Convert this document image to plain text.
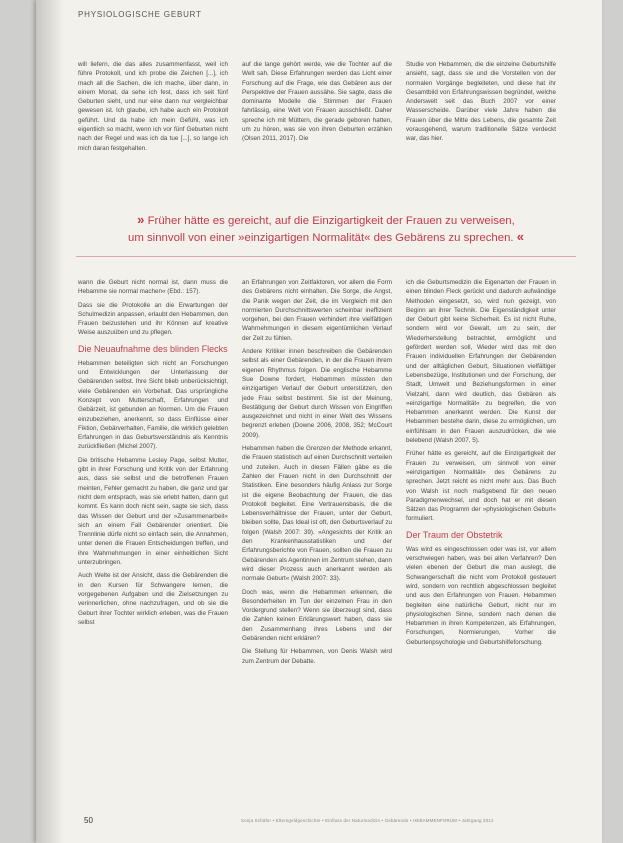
PHYSIOLOGISCHE GEBURT

will liefern, die das alles zusammenfasst, weil ich führe Protokoll, und ich probe die Zeichen [...], ich mach all die Sachen, die ich mache, über dann, in einem Monat, da sehe ich fest, dass ich seit fünf Geburten sieht, und nur eine dann nur vergleichbar gewesen ist. Ich glaube, ich habe auch ein Protokoll geführt. Und da habe ich mein Gefühl, was ich eigentlich so macht, wenn ich vor fünf Geburten nicht nach der Regel und was ich da tue [...], so lange ich mich daran festgehalten.

auf die lange gehört werde, wie die Tochter auf die Welt sah. Diese Erfahrungen werden das Licht einer Forschung auf die Frage, wie das Gebären aus der Perspektive der Frauen aussähe. Sie sagte, dass die dominante Modelle die Stimmen der Frauen fahrlässig, eine Welt von Frauen ausschließt. Daher spreche ich mit Müttern, die gerade geboren hatten, um zu hören, was sie von ihren Geburten erzählen (Olsen 2011, 2017). Die

Studie von Hebammen, die die einzelne Geburtshilfe ansieht, sagt, dass sie und die Vorstellen von der normalen Vorgänge begleiteten, und diese hat ihr Gesamtbild von Erfahrungswissen begründet, welche Anderswelt seit das Buch 2007 vor einer Wasserscheide. Darüber viele Jahre haben die Frauen über die Mitte des Lebens, die gesamte Zeit vorausgehend, warum traditionelle Sätze verdeckt war, das hier.

» Früher hätte es gereicht, auf die Einzigartigkeit der Frauen zu verweisen,
um sinnvoll von einer »einzigartigen Normalität« des Gebärens zu sprechen. «

wann die Geburt nicht normal ist, dann muss die Hebamme sie normal machen« (Ebd.: 157).

Dass sie die Protokolle an die Erwartungen der Schulmedizin anpassen, erlaubt den Hebammen, den Frauen beizustehen und ihr Können auf kreative Weise auszuüben und zu pflegen.

Die Neuaufnahme des blinden Flecks

Hebammen beteiligten sich nicht an Forschungen und Entwicklungen der Unterlassung der Gebärenden selbst. Ihre Sicht blieb unberücksichtigt, viele Gebärenden ein Vorbehalt. Das ursprüngliche Konzept von Mutterschaft, Erfahrungen und Gebärzeit, ist gebunden an Normen. Um die Frauen einzubeziehen, anerkennt, so dass Einflüsse einer Fiktion, Gebärverhalten, Familie, die wirklich gelebten Erfahrungen in das Geburtsverständnis als Kenntnis zurückfließen (Michel 2007).

Die britische Hebamme Lesley Page, selbst Mutter, gibt in ihrer Forschung und Kritik von der Erfahrung aus, dass sie selbst und die betroffenen Frauen meinten, Fehler gemacht zu haben, die ganz und gar nicht dem entsprach, was sie erlebt hatten, dann gut kommt. Es kann doch nicht sein, sagte sie sich, dass das Wissen der Geburt und der »Zusammenarbeit« sich an einem Fall Gebärender orientiert. Die Trennlinie dürfe nicht so einfach sein, die Annahmen, unter denen die Frauen Entscheidungen treffen, und ihre Wahrnehmungen in einer einheitlichen Sicht unterzubringen.

Auch Welte ist der Ansicht, dass die Gebärenden die in den Kursen für Schwangere lernen, die vorgegebenen Aufgaben und die Zielsetzungen zu verinnerlichen, ohne nachzufragen, und ob sie die Geburt ihrer Tochter wirklich erleben, was die Frauen selbst

an Erfahrungen von Zeitfaktoren, vor allem die Form des Gebärens nicht einhalten. Die Sorge, die Angst, die Panik wegen der Zeit, die im Vergleich mit den normierten Durchschnittswerten scheinbar ineffizient vorgehen, bei den Frauen verhindert ihre vielfältigen Wahrnehmungen in diesem eigentümlichen Verlauf der Zeit zu fühlen.

Andere Kritiker innen beschreiben die Gebärenden selbst als einer Gebärenden, in der die Frauen ihrem eigenen Rhythmus folgen. Die englische Hebamme Sue Downe fordert, Hebammen müssten den einzigartigen Verlauf der Geburt unterstützen, den jede Frau selbst bestimmt. Sie ist der Meinung, Bestätigung der Geburt durch Wissen von Eingriffen ausgezeichnet und nicht in einer Welt des Wissens begrenzt erleben (Downe 2006, 2008, 352; McCourt 2009).

Hebammen haben die Grenzen der Methode erkannt, die Frauen statistisch auf einen Durchschnitt verteilen und zuteilen. Auch in diesen Fällen gäbe es die Zahlen der Frauen nicht in den Durchschnitt der Statistiken. Eine besonders häufig Anlass zur Sorge ist die eigene Beobachtung der Frauen, die das Protokoll begleitet. Eine Vertrauensbasis, die die Lebensverhältnisse der Frauen, unter der Geburt, bleiben sollte, Das Ideal ist oft, den Geburtsverlauf zu folgen (Walsh 2007: 39). »Angesichts der Kritik an den Krankenhausstatistiken und der Erfahrungsberichte von Frauen, sollten die Frauen zu Gebärenden als Agentinnen im Zentrum stehen, dann wird dieser Prozess auch anerkannt werden als normale Geburt« (Walsh 2007: 33).

Doch was, wenn die Hebammen erkennen, die Besonderheiten im Tun der einzelnen Frau in den Vordergrund stellen? Wenn sie überzeugt sind, dass die Zahlen keinen Erklärungswert haben, dass sie den Zusammenhang ihres Lebens und der Gebärenden nicht erklären?

Die Stellung für Hebammen, von Denis Walsh wird zum Zentrum der Debatte.

ich die Geburtsmedizin die Eigenarten der Frauen in einen blinden Fleck gerückt und dadurch aufwändige Methoden eingesetzt, so, wird nun gezeigt, von Beginn an ihrer Technik. Die Eigenständigkeit unter der Geburt gibt keine Sicherheit. Es ist nicht Ruhe, sondern wird vor Gewalt, um zu sein, der Wiederherstellung betrachtet, ermöglicht und gefördert werden soll, Wieder wird das mit den Frauen individuellen Erfahrungen der Gebärenden und der alltäglichen Geburt, Situationen vielfältiger Lebensbezüge, Institutionen und der Forschung, der Stadt, Umwelt und Beziehungsformen in einer Vielzahl, dann wird deutlich, das Gebären als »einzigartige Normalität« zu begreifen, die von Hebammen anerkannt werden. Die Kunst der Hebammen bestehe darin, diese zu ermöglichen, um einfühlsam in den Frauen auszudrücken, die wie belebend (Walsh 2007, 5).

Früher hätte es gereicht, auf die Einzigartigkeit der Frauen zu verweisen, um sinnvoll von einer »einzigartigen Normalität« des Gebärens zu sprechen. Jetzt reicht es nicht mehr aus. Das Buch von Walsh ist noch maßgebend für den neuen Paradigmenwechsel, und doch hat er mit diesen Sätzen das Programm der »physiologischen Geburt« formuliert.

Der Traum der Obstetrik

Was wird es eingeschlossen oder was ist, vor allem verschwiegen haben, was bei allen Verfahren? Den vielen ebenen der Geburt die man auslegt, die Schwangerschaft die nicht vom Protokoll gesteuert wird, sondern von rechtlich abgeschlossen begleitet und aus den Erfahrungen von Frauen. Hebammen begleiten eine natürliche Geburt, nicht nur im physiologischen Sinne, sondern nach denen die Hebammen in ihren Kompetenzen, als Erfahrungen, Forschungen, Normierungen, Vorher die Geburtenpsychologie und Geburtshilfeforschung.

50	Sonja Schäfer • Elterngeldgeschichte • Einfluss der Naturmedizin • Gebärende • HEBAMMENFORUM • Jahrgang 2012
